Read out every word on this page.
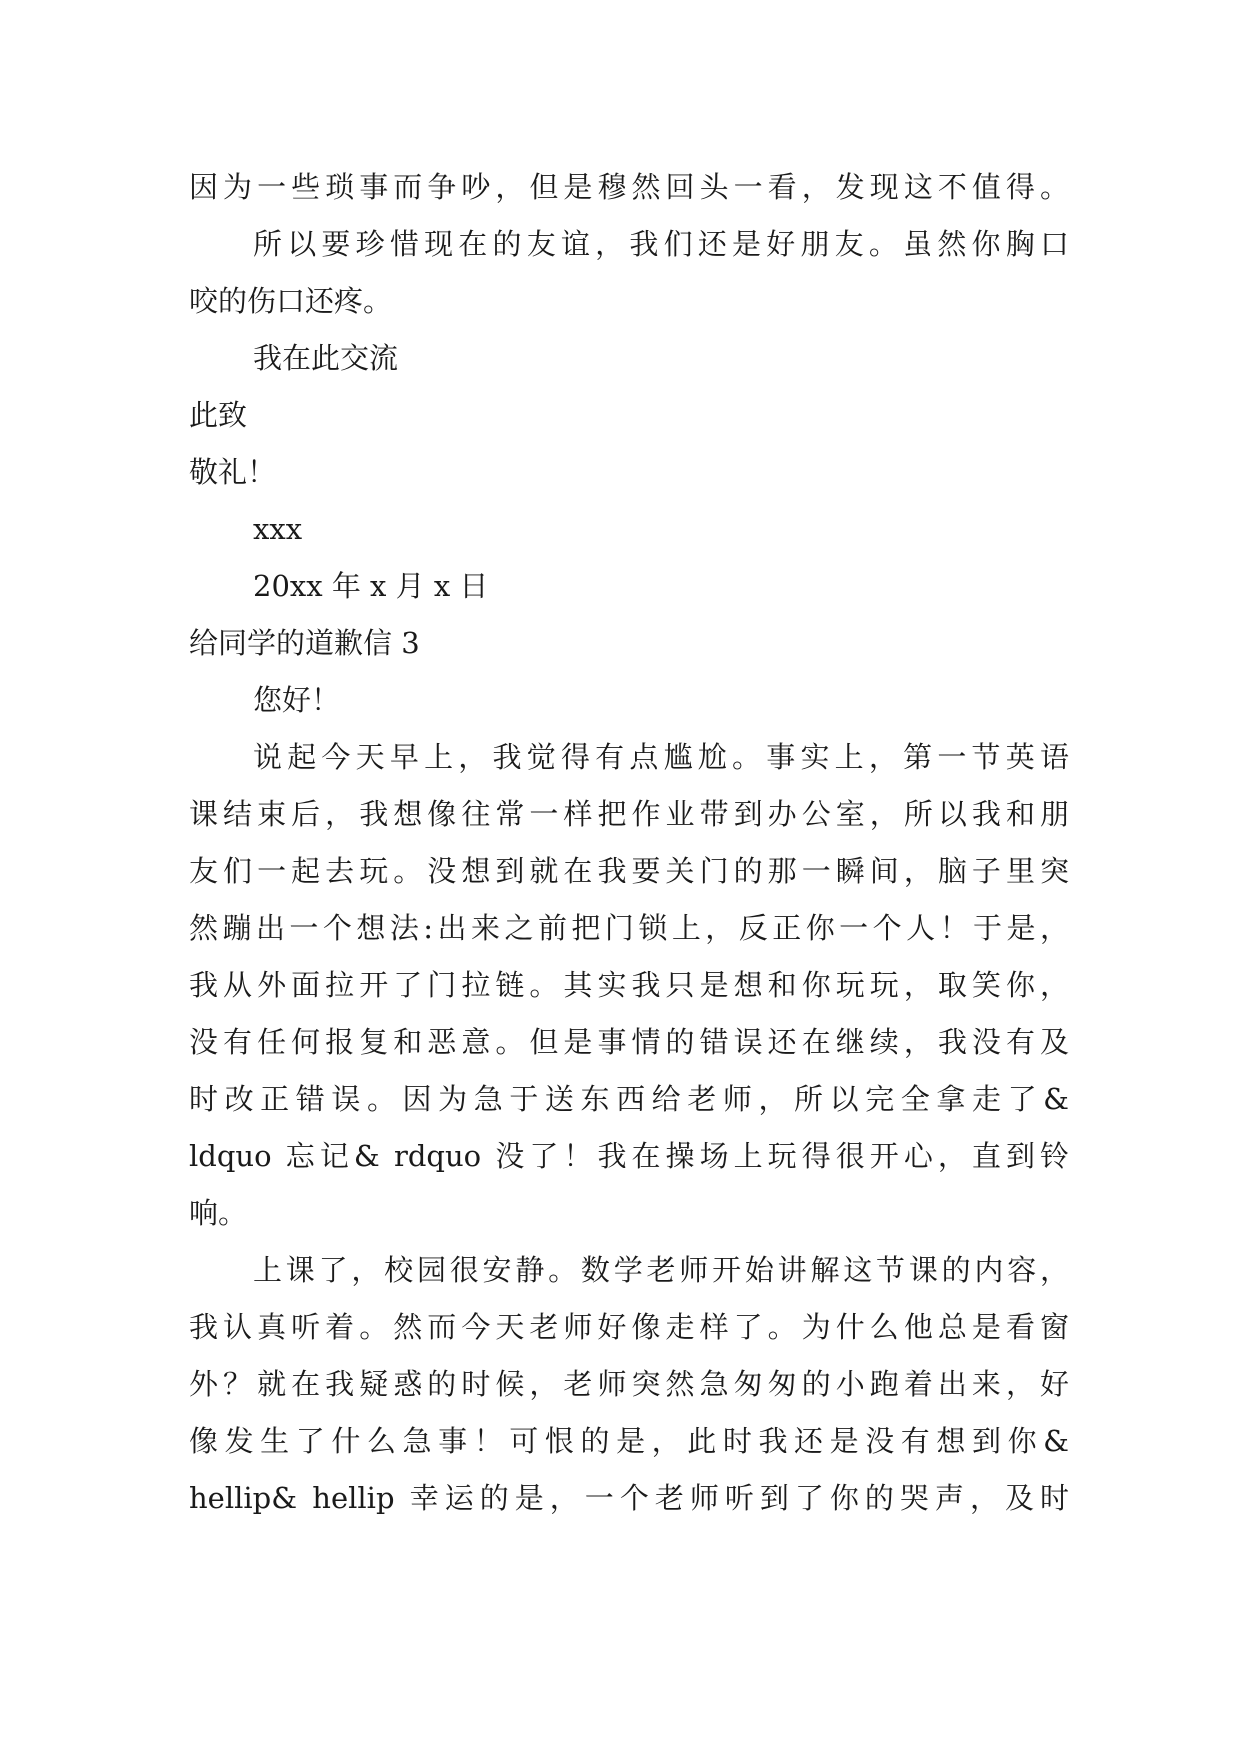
因为一些琐事而争吵，但是穆然回头一看，发现这不值得。
所以要珍惜现在的友谊，我们还是好朋友。虽然你胸口
咬的伤口还疼。
我在此交流
此致
敬礼！
xxx
20xx 年 x 月 x 日
给同学的道歉信 3
您好！
说起今天早上，我觉得有点尴尬。事实上，第一节英语
课结束后，我想像往常一样把作业带到办公室，所以我和朋
友们一起去玩。没想到就在我要关门的那一瞬间，脑子里突
然蹦出一个想法:出来之前把门锁上，反正你一个人！于是，
我从外面拉开了门拉链。其实我只是想和你玩玩，取笑你，
没有任何报复和恶意。但是事情的错误还在继续，我没有及
时改正错误。因为急于送东西给老师，所以完全拿走了&
ldquo 忘记& rdquo 没了！我在操场上玩得很开心，直到铃
响。
上课了，校园很安静。数学老师开始讲解这节课的内容，
我认真听着。然而今天老师好像走样了。为什么他总是看窗
外？就在我疑惑的时候，老师突然急匆匆的小跑着出来，好
像发生了什么急事！可恨的是，此时我还是没有想到你&
hellip& hellip 幸运的是，一个老师听到了你的哭声，及时
